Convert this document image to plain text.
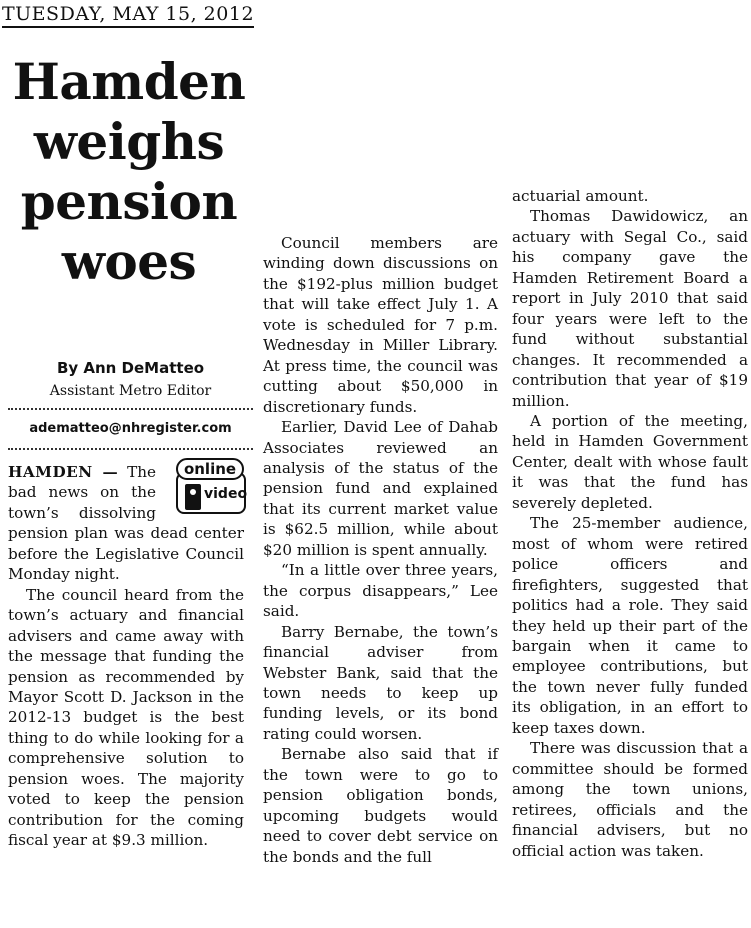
TUESDAY, MAY 15, 2012
Hamden
weighs
pension
woes
By Ann DeMatteo
Assistant Metro Editor
adematteo@nhregister.com

video
online
HAMDEN — The bad news on the town’s dissolving pension plan was dead center before the Legislative Council Monday night.

The council heard from the town’s actuary and financial advisers and came away with the message that funding the pension as recommended by Mayor Scott D. Jackson in the 2012-13 budget is the best thing to do while looking for a comprehensive solution to pension woes. The majority voted to keep the pension contribution for the coming fiscal year at $9.3 million.

Council members are winding down discussions on the $192-plus million budget that will take effect July 1. A vote is scheduled for 7 p.m. Wednesday in Miller Library. At press time, the council was cutting about $50,000 in discretionary funds.

Earlier, David Lee of Dahab Associates reviewed an analysis of the status of the pension fund and explained that its current market value is $62.5 million, while about $20 million is spent annually.

“In a little over three years, the corpus disappears,” Lee said.

Barry Bernabe, the town’s financial adviser from Webster Bank, said that the town needs to keep up funding levels, or its bond rating could worsen.

Bernabe also said that if the town were to go to pension obligation bonds, upcoming budgets would need to cover debt service on the bonds and the full

actuarial amount.

Thomas Dawidowicz, an actuary with Segal Co., said his company gave the Hamden Retirement Board a report in July 2010 that said four years were left to the fund without substantial changes. It recommended a contribution that year of $19 million.

A portion of the meeting, held in Hamden Government Center, dealt with whose fault it was that the fund has severely depleted.

The 25-member audience, most of whom were retired police officers and firefighters, suggested that politics had a role. They said they held up their part of the bargain when it came to employee contributions, but the town never fully funded its obligation, in an effort to keep taxes down.

There was discussion that a committee should be formed among the town unions, retirees, officials and the financial advisers, but no official action was taken.
